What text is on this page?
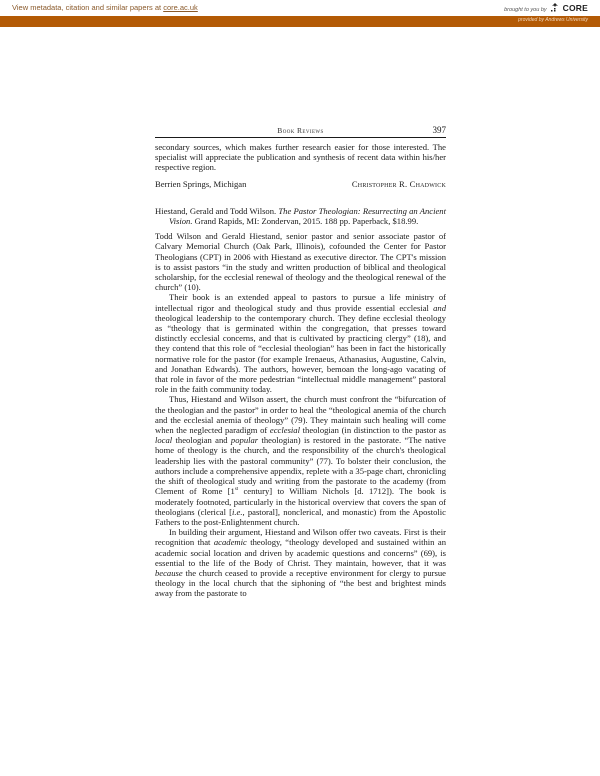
View metadata, citation and similar papers at core.ac.uk	brought to you by CORE
provided by Andrews University
Book Reviews	397

secondary sources, which makes further research easier for those interested. The specialist will appreciate the publication and synthesis of recent data within his/her respective region.

Berrien Springs, Michigan	Christopher R. Chadwick

Hiestand, Gerald and Todd Wilson. The Pastor Theologian: Resurrecting an Ancient Vision. Grand Rapids, MI: Zondervan, 2015. 188 pp. Paperback, $18.99.

Todd Wilson and Gerald Hiestand, senior pastor and senior associate pastor of Calvary Memorial Church (Oak Park, Illinois), cofounded the Center for Pastor Theologians (CPT) in 2006 with Hiestand as executive director. The CPT's mission is to assist pastors “in the study and written production of biblical and theological scholarship, for the ecclesial renewal of theology and the theological renewal of the church” (10).

Their book is an extended appeal to pastors to pursue a life ministry of intellectual rigor and theological study and thus provide essential ecclesial and theological leadership to the contemporary church. They define ecclesial theology as “theology that is germinated within the congregation, that presses toward distinctly ecclesial concerns, and that is cultivated by practicing clergy” (18), and they contend that this role of “ecclesial theologian” has been in fact the historically normative role for the pastor (for example Irenaeus, Athanasius, Augustine, Calvin, and Jonathan Edwards). The authors, however, bemoan the long-ago vacating of that role in favor of the more pedestrian “intellectual middle management” pastoral role in the faith community today.

Thus, Hiestand and Wilson assert, the church must confront the “bifurcation of the theologian and the pastor” in order to heal the “theological anemia of the church and the ecclesial anemia of theology” (79). They maintain such healing will come when the neglected paradigm of ecclesial theologian (in distinction to the pastor as local theologian and popular theologian) is restored in the pastorate. “The native home of theology is the church, and the responsibility of the church's theological leadership lies with the pastoral community” (77). To bolster their conclusion, the authors include a comprehensive appendix, replete with a 35-page chart, chronicling the shift of theological study and writing from the pastorate to the academy (from Clement of Rome [1st century] to William Nichols [d. 1712]). The book is moderately footnoted, particularly in the historical overview that covers the span of theologians (clerical [i.e., pastoral], nonclerical, and monastic) from the Apostolic Fathers to the post-Enlightenment church.

In building their argument, Hiestand and Wilson offer two caveats. First is their recognition that academic theology, “theology developed and sustained within an academic social location and driven by academic questions and concerns” (69), is essential to the life of the Body of Christ. They maintain, however, that it was because the church ceased to provide a receptive environment for clergy to pursue theology in the local church that the siphoning of “the best and brightest minds away from the pastorate to
